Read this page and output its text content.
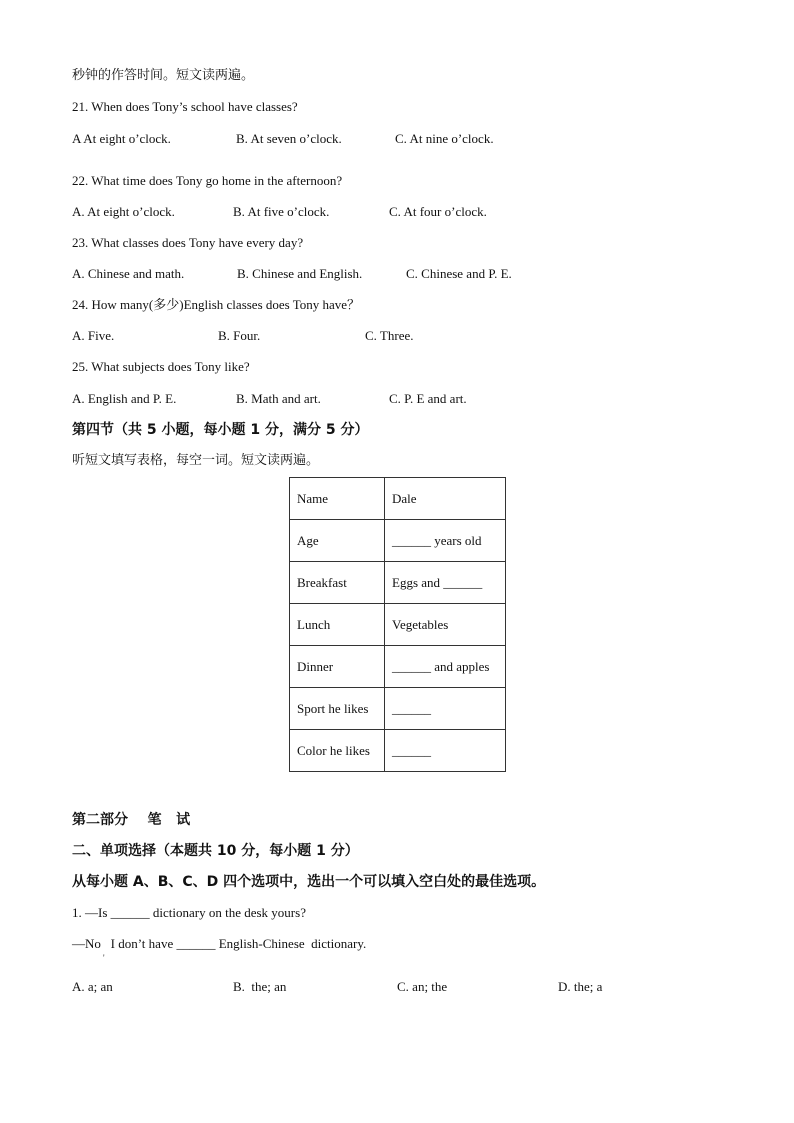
秒钟的作答时间。短文读两遍。
21. When does Tony’s school have classes?
A At eight o’clock.	B. At seven o’clock.	C. At nine o’clock.
22. What time does Tony go home in the afternoon?
A. At eight o’clock.	B. At five o’clock.	C. At four o’clock.
23. What classes does Tony have every day?
A. Chinese and math.	B. Chinese and English.	C. Chinese and P. E.
24. How many(多少)English classes does Tony have？
A. Five.	B. Four.	C. Three.
25. What subjects does Tony like?
A. English and P. E.	B. Math and art.	C. P. E and art.
第四节（共 5 小题，每小题 1 分，满分 5 分）
听短文填写表格，每空一词。短文读两遍。
Name	Dale
Age	______ years old
Breakfast	Eggs and ______
Lunch	Vegetables
Dinner	______ and apples
Sport he likes	______
Color he likes	______
第二部分    笔   试
二、单项选择（本题共 10 分，每小题 1 分）
从每小题 A、B、C、D 四个选项中，选出一个可以填入空白处的最佳选项。
1. —Is ______ dictionary on the desk yours?
—No   I don’t have ______ English-Chinese  dictionary.
'
A. a; an	B.  the; an	C. an; the	D. the; a
